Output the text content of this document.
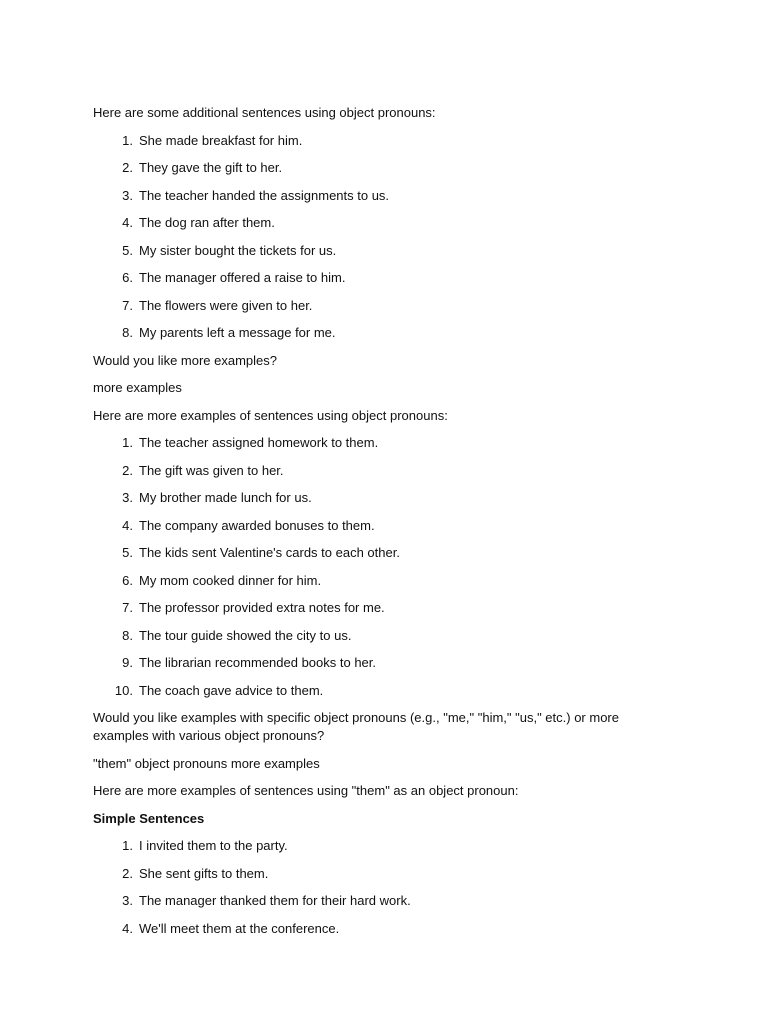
Here are some additional sentences using object pronouns:

1. She made breakfast for him.
2. They gave the gift to her.
3. The teacher handed the assignments to us.
4. The dog ran after them.
5. My sister bought the tickets for us.
6. The manager offered a raise to him.
7. The flowers were given to her.
8. My parents left a message for me.

Would you like more examples?

more examples

Here are more examples of sentences using object pronouns:

1. The teacher assigned homework to them.
2. The gift was given to her.
3. My brother made lunch for us.
4. The company awarded bonuses to them.
5. The kids sent Valentine's cards to each other.
6. My mom cooked dinner for him.
7. The professor provided extra notes for me.
8. The tour guide showed the city to us.
9. The librarian recommended books to her.
10. The coach gave advice to them.

Would you like examples with specific object pronouns (e.g., "me," "him," "us," etc.) or more examples with various object pronouns?

"them" object pronouns more examples

Here are more examples of sentences using "them" as an object pronoun:

Simple Sentences

1. I invited them to the party.
2. She sent gifts to them.
3. The manager thanked them for their hard work.
4. We'll meet them at the conference.
